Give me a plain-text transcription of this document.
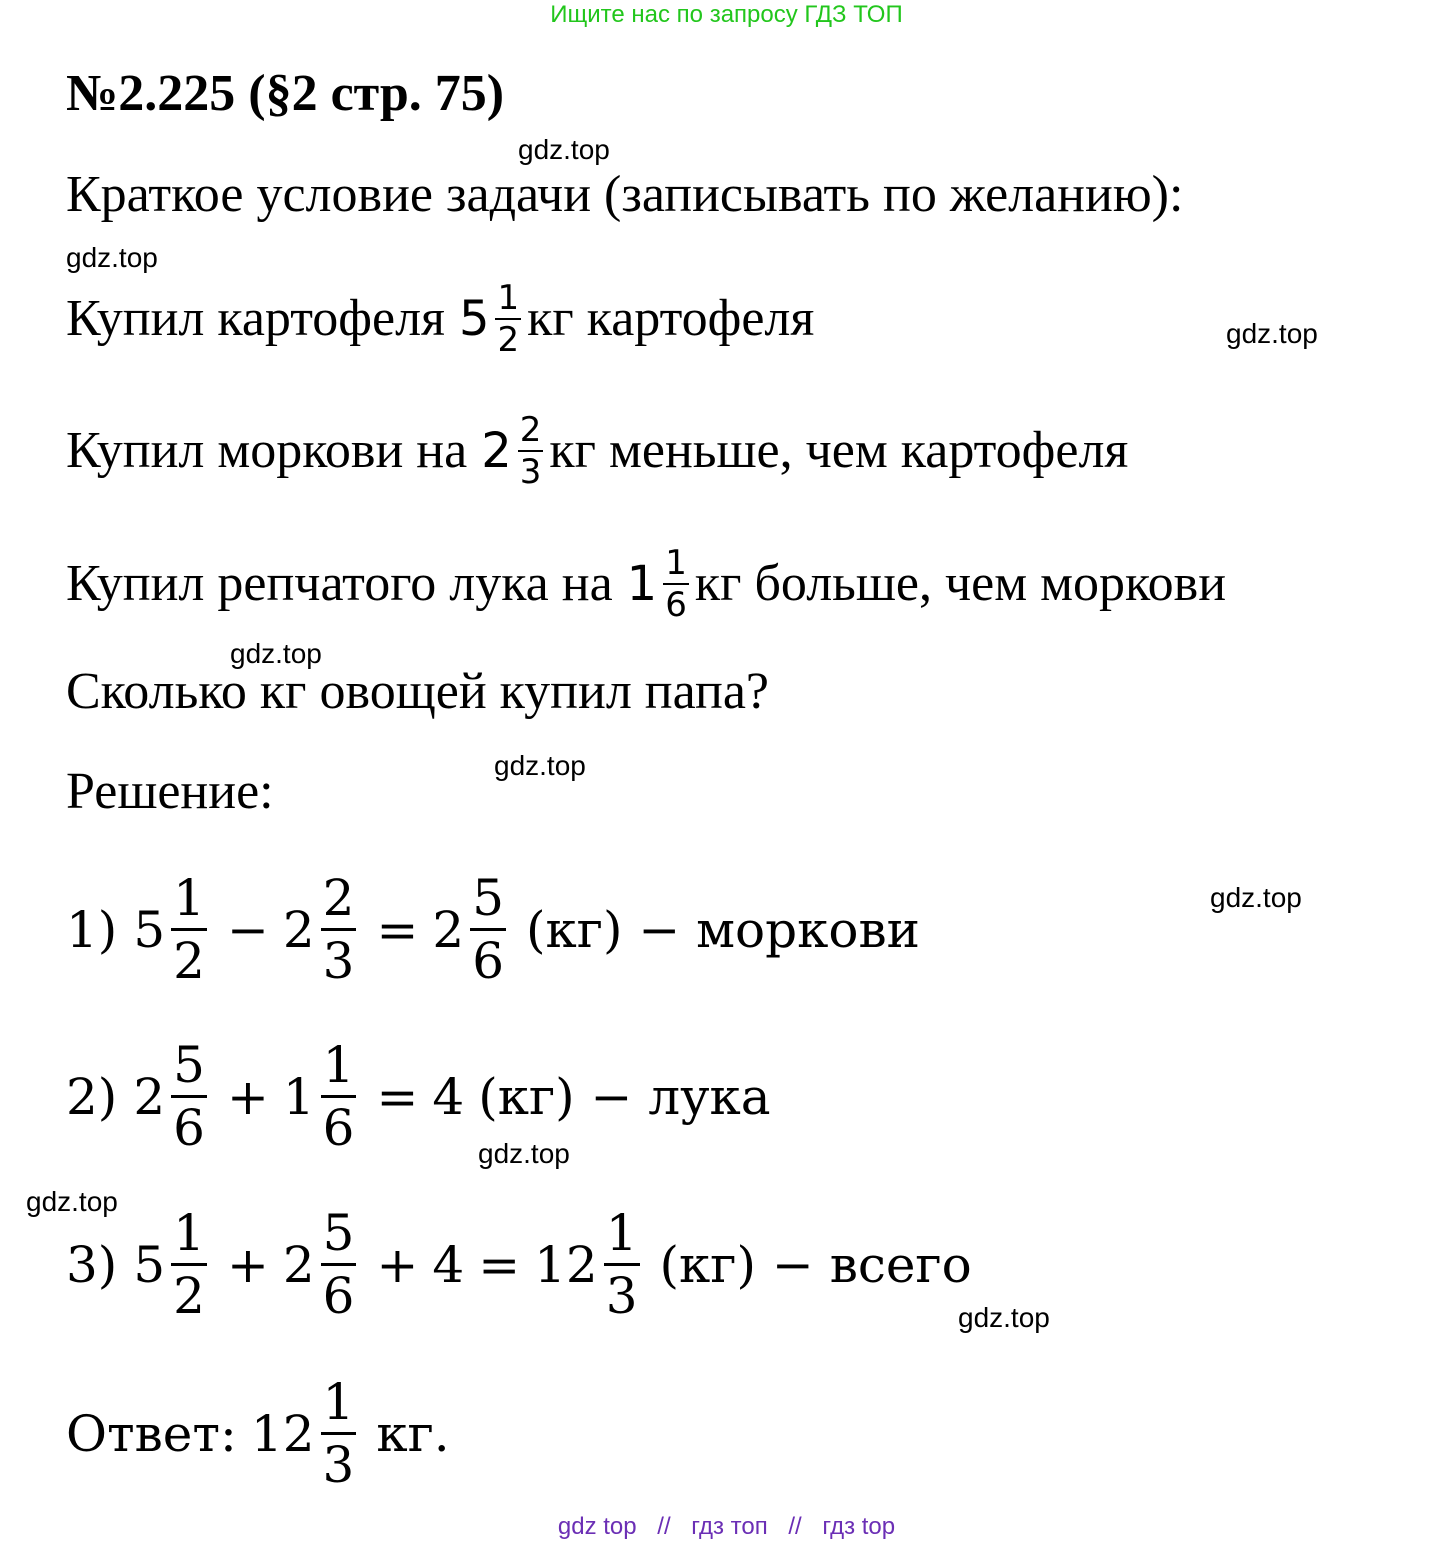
Ищите нас по запросу ГДЗ ТОП
№2.225 (§2 стр. 75)
Краткое условие задачи (записывать по желанию):
Купил картофеля $5 \frac{1}{2}$ кг картофеля
Купил моркови на $2 \frac{2}{3}$ кг меньше, чем картофеля
Купил репчатого лука на $1 \frac{1}{6}$ кг больше, чем моркови
Сколько кг овощей купил папа?
Решение:
1) $5 \frac{1}{2} - 2 \frac{2}{3} = 2 \frac{5}{6} (кг)$ − моркови
2) $2 \frac{5}{6} + 1 \frac{1}{6} = 4$ (кг) − лука
3) $5 \frac{1}{2} + 2 \frac{5}{6} + 4 = 12 \frac{1}{3} (кг)$ − всего
Ответ: $12 \frac{1}{3}$ кг.
gdz.top
gdz.top
gdz.top
gdz.top
gdz.top
gdz.top
gdz.top
gdz.top
gdz.top
gdz top // гдз топ // гдз top
